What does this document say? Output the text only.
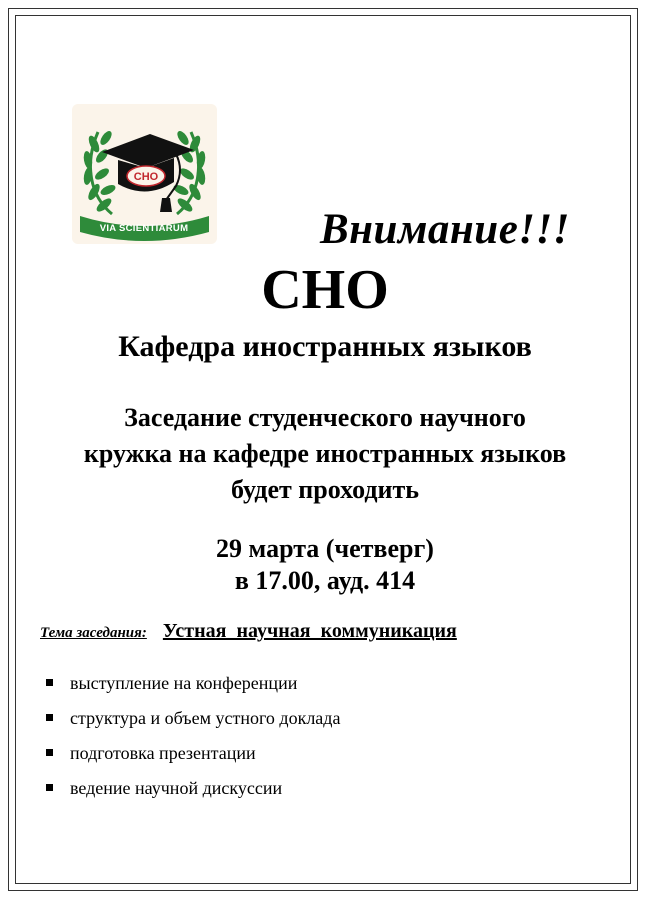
СНО
VIA SCIENTIARUM	Внимание!!!
СНО
Кафедра иностранных языков
Заседание студенческого научного
кружка на кафедре иностранных языков
будет проходить
29 марта (четверг)
в 17.00, ауд. 414
Тема заседания: Устная научная коммуникация
выступление на конференции
структура и объем устного доклада
подготовка презентации
ведение научной дискуссии
